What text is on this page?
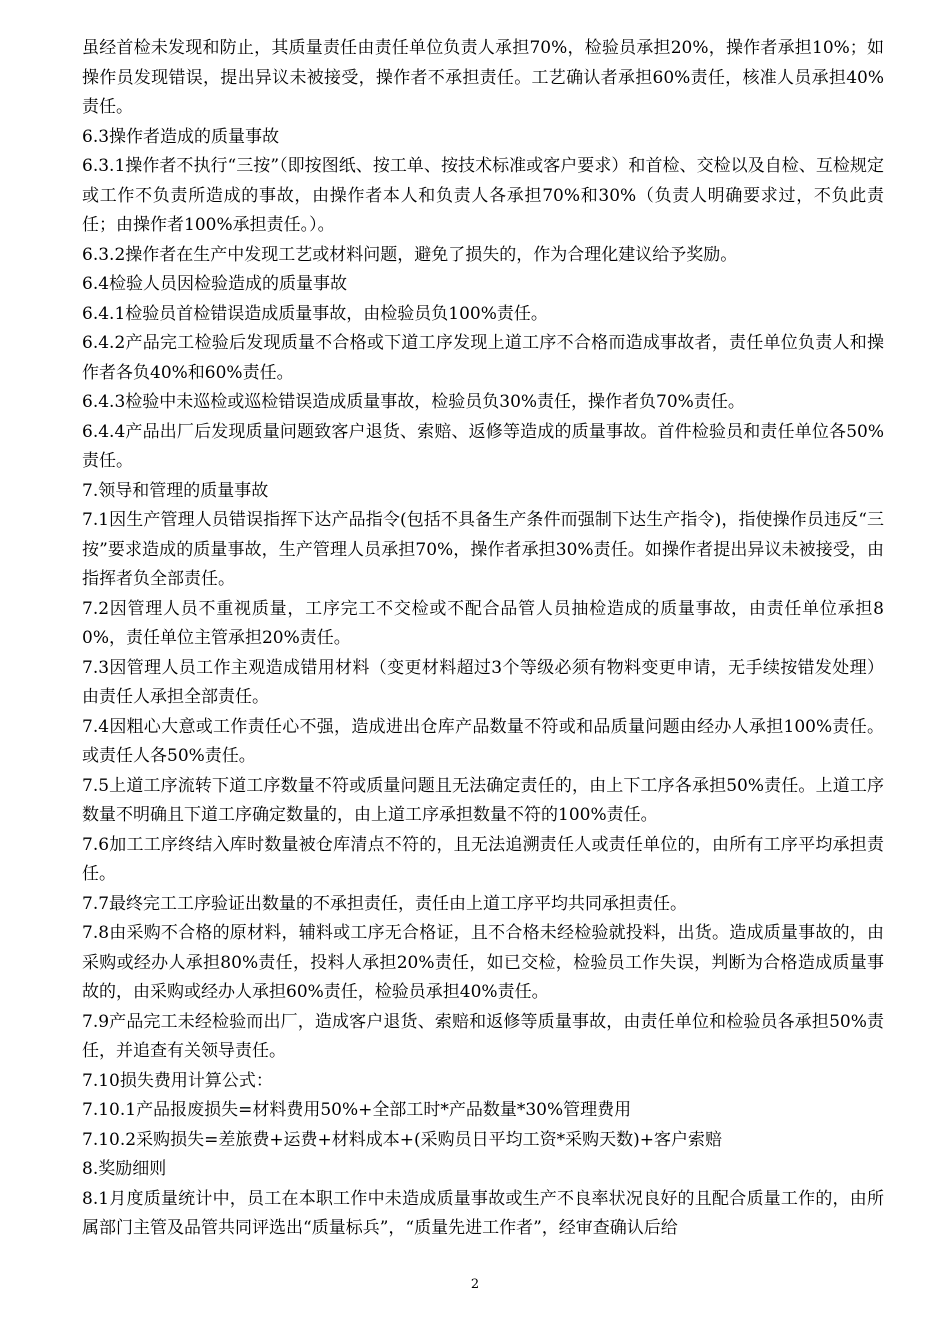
虽经首检未发现和防止，其质量责任由责任单位负责人承担70%，检验员承担20%，操作者承担10%；如操作员发现错误，提出异议未被接受，操作者不承担责任。工艺确认者承担60%责任，核准人员承担40%责任。

6.3操作者造成的质量事故

6.3.1操作者不执行“三按”（即按图纸、按工单、按技术标准或客户要求）和首检、交检以及自检、互检规定或工作不负责所造成的事故，由操作者本人和负责人各承担70%和30%（负责人明确要求过，不负此责任；由操作者100%承担责任。）。

6.3.2操作者在生产中发现工艺或材料问题，避免了损失的，作为合理化建议给予奖励。

6.4检验人员因检验造成的质量事故

6.4.1检验员首检错误造成质量事故，由检验员负100%责任。

6.4.2产品完工检验后发现质量不合格或下道工序发现上道工序不合格而造成事故者，责任单位负责人和操作者各负40%和60%责任。

6.4.3检验中未巡检或巡检错误造成质量事故，检验员负30%责任，操作者负70%责任。

6.4.4产品出厂后发现质量问题致客户退货、索赔、返修等造成的质量事故。首件检验员和责任单位各50%责任。

7.领导和管理的质量事故

7.1因生产管理人员错误指挥下达产品指令(包括不具备生产条件而强制下达生产指令)，指使操作员违反“三按”要求造成的质量事故，生产管理人员承担70%，操作者承担30%责任。如操作者提出异议未被接受，由指挥者负全部责任。

7.2因管理人员不重视质量，工序完工不交检或不配合品管人员抽检造成的质量事故，由责任单位承担80%，责任单位主管承担20%责任。

7.3因管理人员工作主观造成错用材料（变更材料超过3个等级必须有物料变更申请，无手续按错发处理）由责任人承担全部责任。

7.4因粗心大意或工作责任心不强，造成进出仓库产品数量不符或和品质量问题由经办人承担100%责任。或责任人各50%责任。

7.5上道工序流转下道工序数量不符或质量问题且无法确定责任的，由上下工序各承担50%责任。上道工序数量不明确且下道工序确定数量的，由上道工序承担数量不符的100%责任。

7.6加工工序终结入库时数量被仓库清点不符的，且无法追溯责任人或责任单位的，由所有工序平均承担责任。

7.7最终完工工序验证出数量的不承担责任，责任由上道工序平均共同承担责任。

7.8由采购不合格的原材料，辅料或工序无合格证，且不合格未经检验就投料，出货。造成质量事故的，由采购或经办人承担80%责任，投料人承担20%责任，如已交检，检验员工作失误，判断为合格造成质量事故的，由采购或经办人承担60%责任，检验员承担40%责任。

7.9产品完工未经检验而出厂，造成客户退货、索赔和返修等质量事故，由责任单位和检验员各承担50%责任，并追查有关领导责任。

7.10损失费用计算公式：

7.10.1产品报废损失=材料费用50%+全部工时*产品数量*30%管理费用

7.10.2采购损失=差旅费+运费+材料成本+(采购员日平均工资*采购天数)+客户索赔

8.奖励细则

8.1月度质量统计中，员工在本职工作中未造成质量事故或生产不良率状况良好的且配合质量工作的，由所属部门主管及品管共同评选出“质量标兵”，“质量先进工作者”，经审查确认后给

2
